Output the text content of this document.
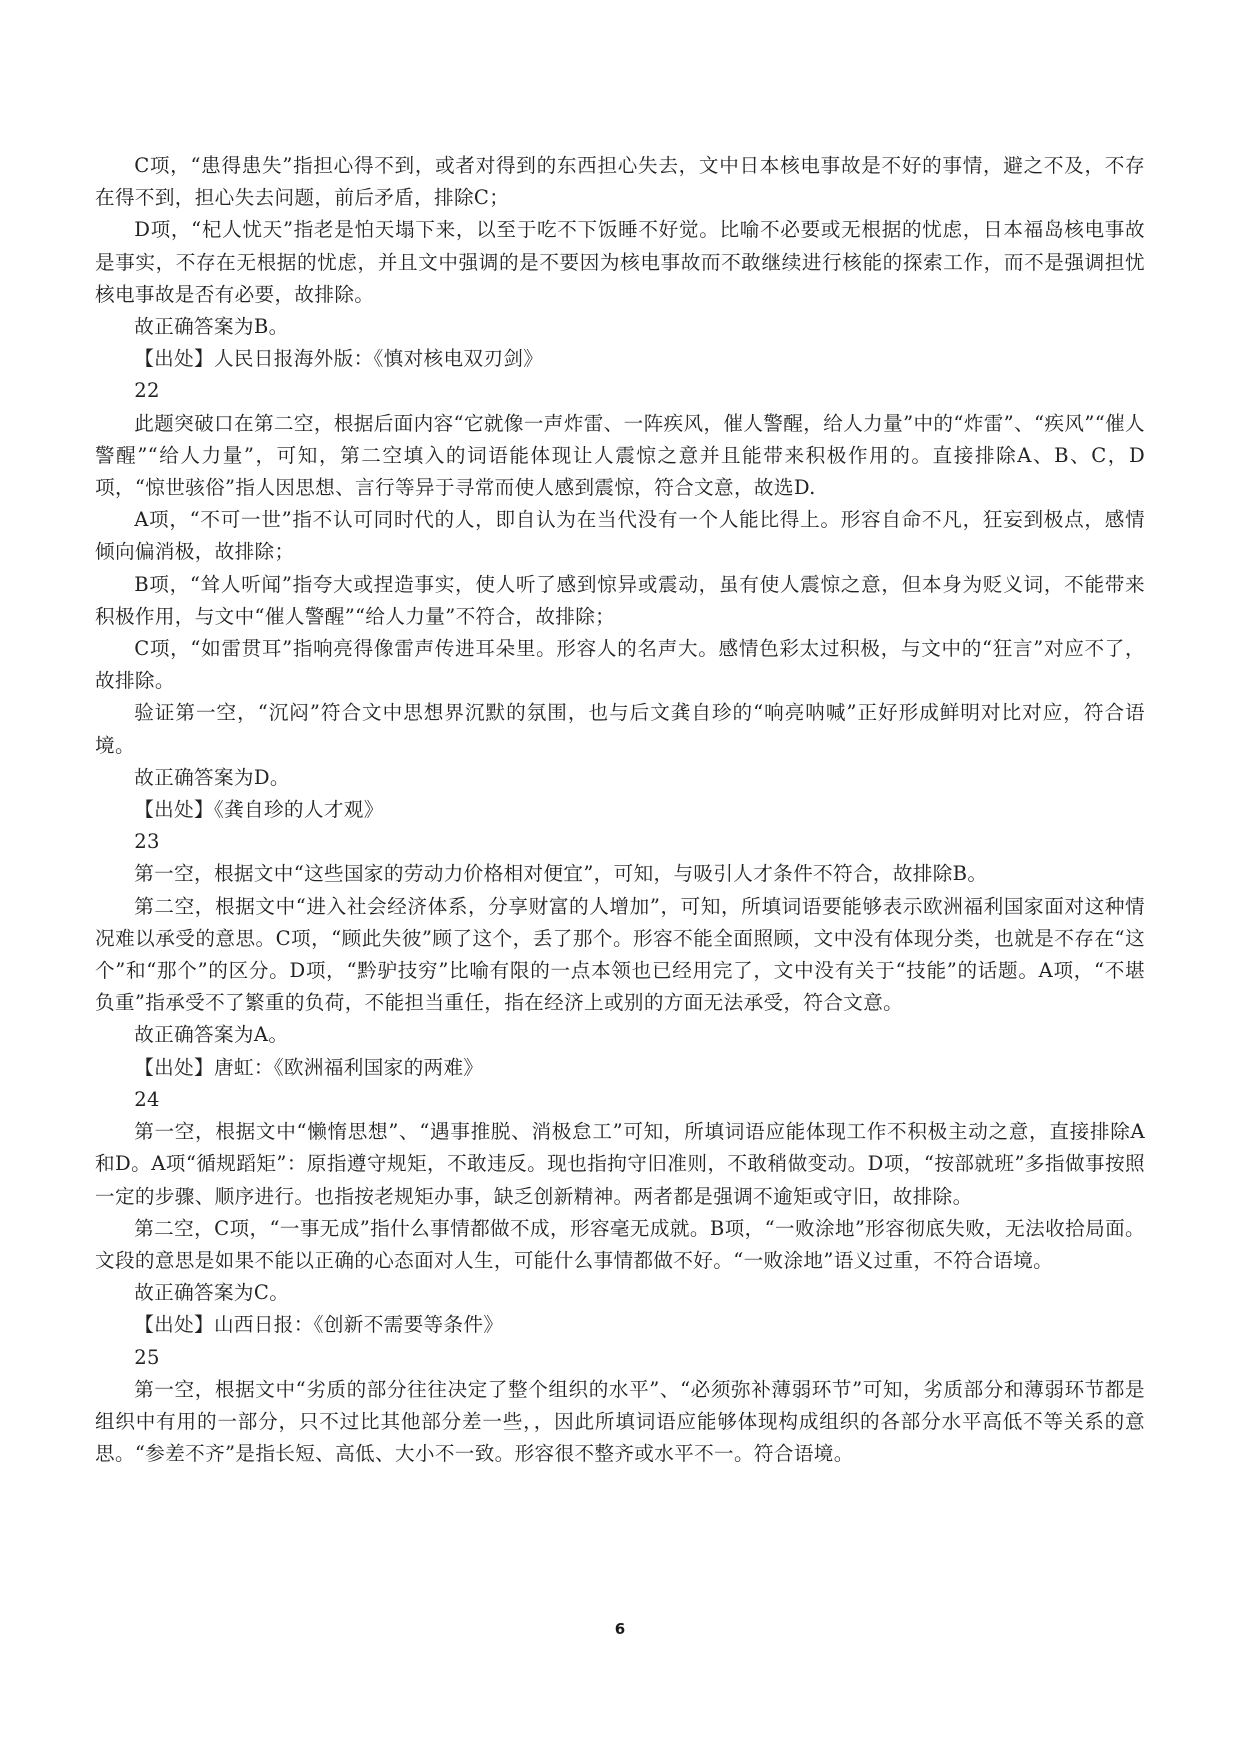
C项，“患得患失”指担心得不到，或者对得到的东西担心失去，文中日本核电事故是不好的事情，避之不及，不存在得不到，担心失去问题，前后矛盾，排除C；

D项，“杞人忧天”指老是怕天塌下来，以至于吃不下饭睡不好觉。比喻不必要或无根据的忧虑，日本福岛核电事故是事实，不存在无根据的忧虑，并且文中强调的是不要因为核电事故而不敢继续进行核能的探索工作，而不是强调担忧核电事故是否有必要，故排除。

故正确答案为B。

【出处】人民日报海外版：《慎对核电双刃剑》

22

此题突破口在第二空，根据后面内容“它就像一声炸雷、一阵疾风，催人警醒，给人力量”中的“炸雷”、“疾风”“催人警醒”“给人力量”，可知，第二空填入的词语能体现让人震惊之意并且能带来积极作用的。直接排除A、B、C，D项，“惊世骇俗”指人因思想、言行等异于寻常而使人感到震惊，符合文意，故选D.

A项，“不可一世”指不认可同时代的人，即自认为在当代没有一个人能比得上。形容自命不凡，狂妄到极点，感情倾向偏消极，故排除；

B项，“耸人听闻”指夸大或捏造事实，使人听了感到惊异或震动，虽有使人震惊之意，但本身为贬义词，不能带来积极作用，与文中“催人警醒”“给人力量”不符合，故排除；

C项，“如雷贯耳”指响亮得像雷声传进耳朵里。形容人的名声大。感情色彩太过积极，与文中的“狂言”对应不了，故排除。

验证第一空，“沉闷”符合文中思想界沉默的氛围，也与后文龚自珍的“响亮呐喊”正好形成鲜明对比对应，符合语境。

故正确答案为D。

【出处】《龚自珍的人才观》

23

第一空，根据文中“这些国家的劳动力价格相对便宜”，可知，与吸引人才条件不符合，故排除B。

第二空，根据文中“进入社会经济体系，分享财富的人增加”，可知，所填词语要能够表示欧洲福利国家面对这种情况难以承受的意思。C项，“顾此失彼”顾了这个，丢了那个。形容不能全面照顾，文中没有体现分类，也就是不存在“这个”和“那个”的区分。D项，“黔驴技穷”比喻有限的一点本领也已经用完了，文中没有关于“技能”的话题。A项，“不堪负重”指承受不了繁重的负荷，不能担当重任，指在经济上或别的方面无法承受，符合文意。

故正确答案为A。

【出处】唐虹：《欧洲福利国家的两难》

24

第一空，根据文中“懒惰思想”、“遇事推脱、消极怠工”可知，所填词语应能体现工作不积极主动之意，直接排除A和D。A项“循规蹈矩”：原指遵守规矩，不敢违反。现也指拘守旧准则，不敢稍做变动。D项，“按部就班”多指做事按照一定的步骤、顺序进行。也指按老规矩办事，缺乏创新精神。两者都是强调不逾矩或守旧，故排除。

第二空，C项，“一事无成”指什么事情都做不成，形容毫无成就。B项，“一败涂地”形容彻底失败，无法收拾局面。文段的意思是如果不能以正确的心态面对人生，可能什么事情都做不好。“一败涂地”语义过重，不符合语境。

故正确答案为C。

【出处】山西日报：《创新不需要等条件》

25

第一空，根据文中“劣质的部分往往决定了整个组织的水平”、“必须弥补薄弱环节”可知，劣质部分和薄弱环节都是组织中有用的一部分，只不过比其他部分差一些，，因此所填词语应能够体现构成组织的各部分水平高低不等关系的意思。“参差不齐”是指长短、高低、大小不一致。形容很不整齐或水平不一。符合语境。

6
